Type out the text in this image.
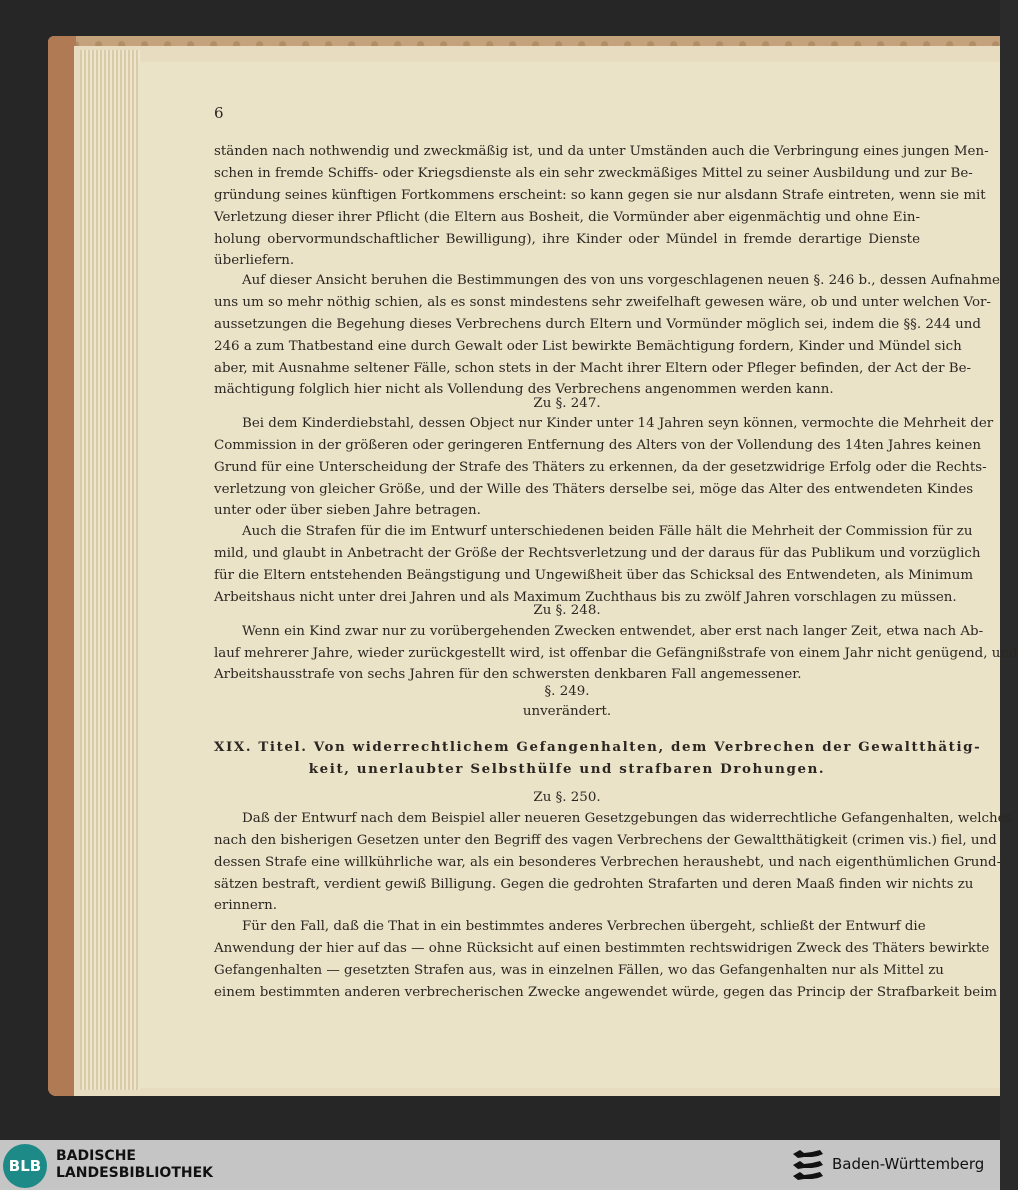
6
ständen nach nothwendig und zweckmäßig ist, und da unter Umständen auch die Verbringung eines jungen Men-
schen in fremde Schiffs- oder Kriegsdienste als ein sehr zweckmäßiges Mittel zu seiner Ausbildung und zur Be-
gründung seines künftigen Fortkommens erscheint: so kann gegen sie nur alsdann Strafe eintreten, wenn sie mit
Verletzung dieser ihrer Pflicht (die Eltern aus Bosheit, die Vormünder aber eigenmächtig und ohne Ein-
holung obervormundschaftlicher Bewilligung), ihre Kinder oder Mündel in fremde derartige Dienste
überliefern.
Auf dieser Ansicht beruhen die Bestimmungen des von uns vorgeschlagenen neuen §. 246 b., dessen Aufnahme
uns um so mehr nöthig schien, als es sonst mindestens sehr zweifelhaft gewesen wäre, ob und unter welchen Vor-
aussetzungen die Begehung dieses Verbrechens durch Eltern und Vormünder möglich sei, indem die §§. 244 und
246 a zum Thatbestand eine durch Gewalt oder List bewirkte Bemächtigung fordern, Kinder und Mündel sich
aber, mit Ausnahme seltener Fälle, schon stets in der Macht ihrer Eltern oder Pfleger befinden, der Act der Be-
mächtigung folglich hier nicht als Vollendung des Verbrechens angenommen werden kann.
Zu §. 247.
Bei dem Kinderdiebstahl, dessen Object nur Kinder unter 14 Jahren seyn können, vermochte die Mehrheit der
Commission in der größeren oder geringeren Entfernung des Alters von der Vollendung des 14ten Jahres keinen
Grund für eine Unterscheidung der Strafe des Thäters zu erkennen, da der gesetzwidrige Erfolg oder die Rechts-
verletzung von gleicher Größe, und der Wille des Thäters derselbe sei, möge das Alter des entwendeten Kindes
unter oder über sieben Jahre betragen.
Auch die Strafen für die im Entwurf unterschiedenen beiden Fälle hält die Mehrheit der Commission für zu
mild, und glaubt in Anbetracht der Größe der Rechtsverletzung und der daraus für das Publikum und vorzüglich
für die Eltern entstehenden Beängstigung und Ungewißheit über das Schicksal des Entwendeten, als Minimum
Arbeitshaus nicht unter drei Jahren und als Maximum Zuchthaus bis zu zwölf Jahren vorschlagen zu müssen.
Zu §. 248.
Wenn ein Kind zwar nur zu vorübergehenden Zwecken entwendet, aber erst nach langer Zeit, etwa nach Ab-
lauf mehrerer Jahre, wieder zurückgestellt wird, ist offenbar die Gefängnißstrafe von einem Jahr nicht genügend, und
Arbeitshausstrafe von sechs Jahren für den schwersten denkbaren Fall angemessener.
§. 249.
unverändert.
XIX. Titel. Von widerrechtlichem Gefangenhalten, dem Verbrechen der Gewaltthätig-
keit, unerlaubter Selbsthülfe und strafbaren Drohungen.
Zu §. 250.
Daß der Entwurf nach dem Beispiel aller neueren Gesetzgebungen das widerrechtliche Gefangenhalten, welches
nach den bisherigen Gesetzen unter den Begriff des vagen Verbrechens der Gewaltthätigkeit (crimen vis.) fiel, und
dessen Strafe eine willkührliche war, als ein besonderes Verbrechen heraushebt, und nach eigenthümlichen Grund-
sätzen bestraft, verdient gewiß Billigung. Gegen die gedrohten Strafarten und deren Maaß finden wir nichts zu
erinnern.
Für den Fall, daß die That in ein bestimmtes anderes Verbrechen übergeht, schließt der Entwurf die
Anwendung der hier auf das — ohne Rücksicht auf einen bestimmten rechtswidrigen Zweck des Thäters bewirkte
Gefangenhalten — gesetzten Strafen aus, was in einzelnen Fällen, wo das Gefangenhalten nur als Mittel zu
einem bestimmten anderen verbrecherischen Zwecke angewendet würde, gegen das Princip der Strafbarkeit beim
BLB
BADISCHE
LANDESBIBLIOTHEK	Baden-Württemberg
